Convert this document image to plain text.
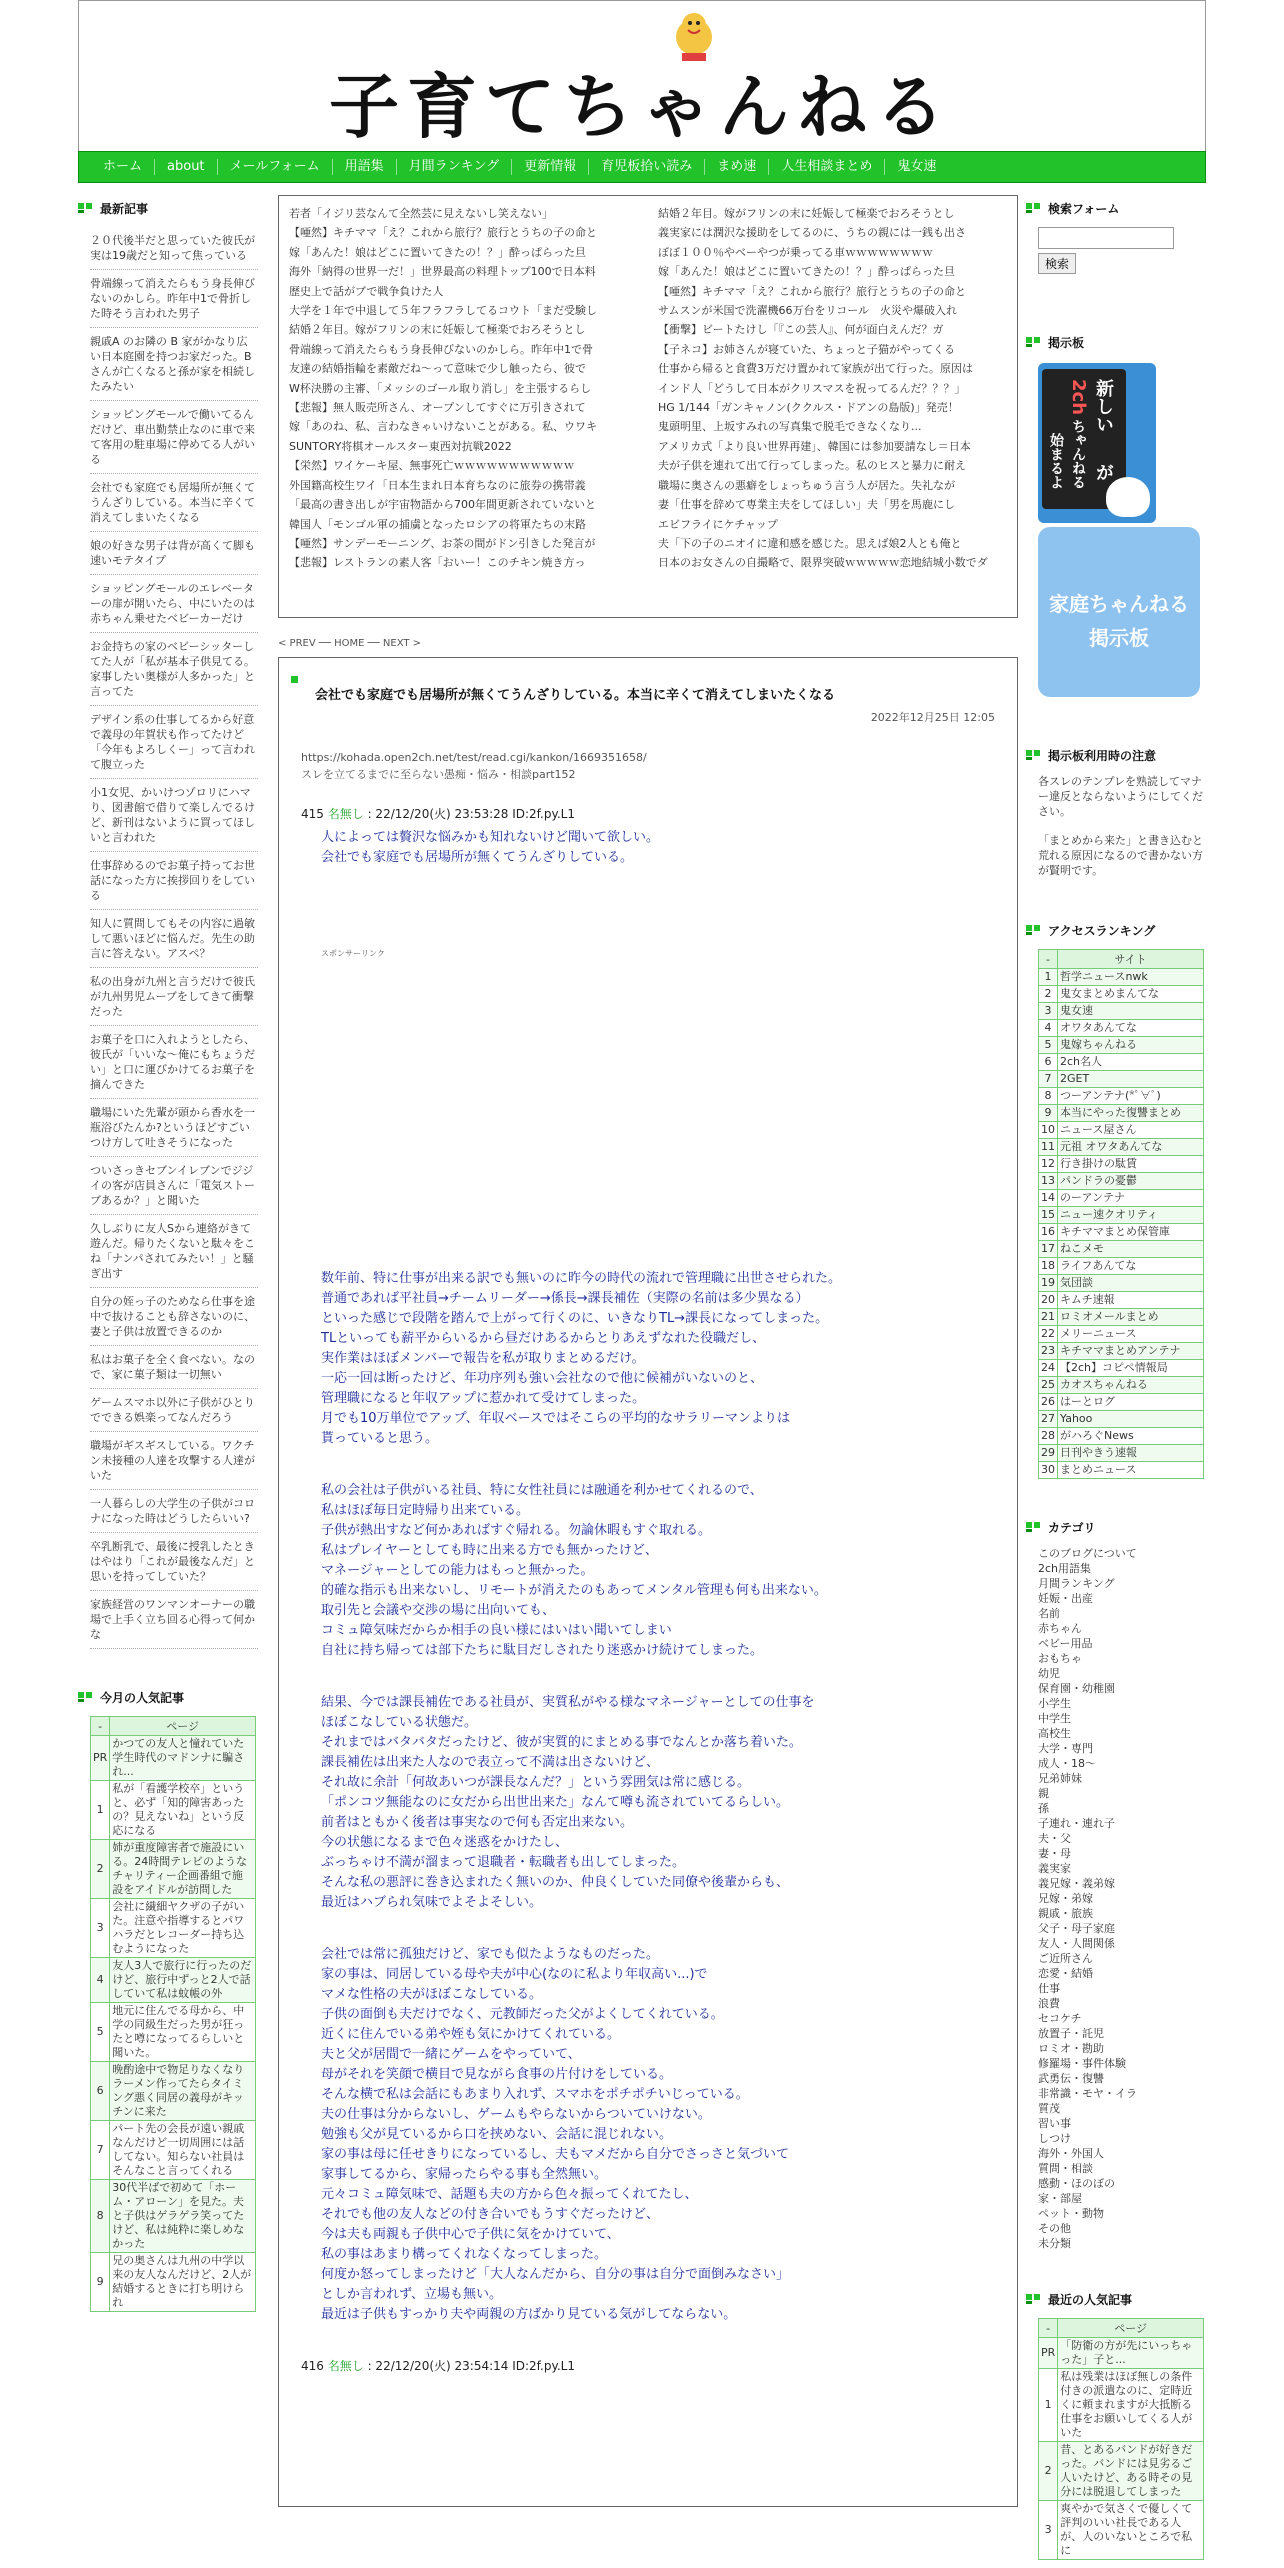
子育てちゃんねる
ホーム	about	メールフォーム	用語集	月間ランキング	更新情報	育児板拾い読み	まめ速	人生相談まとめ	鬼女速
最新記事
２０代後半だと思っていた彼氏が実は19歳だと知って焦っている
骨端線って消えたらもう身長伸びないのかしら。昨年中1で骨折した時そう言われた男子
親戚A のお隣の B 家がかなり広い日本庭園を持つお家だった。B さんが亡くなると孫が家を相続したみたい
ショッピングモールで働いてるんだけど、車出勤禁止なのに車で来て客用の駐車場に停めてる人がいる
会社でも家庭でも居場所が無くてうんざりしている。本当に辛くて消えてしまいたくなる
娘の好きな男子は背が高くて脚も速いモテタイプ
ショッピングモールのエレベーターの扉が開いたら、中にいたのは赤ちゃん乗せたベビーカーだけ
お金持ちの家のベビーシッターしてた人が「私が基本子供見てる。家事したい奥様が人多かった」と言ってた
デザイン系の仕事してるから好意で義母の年賀状も作ってたけど「今年もよろしくー」って言われて腹立った
小1女児、かいけつゾロリにハマり、図書館で借りて楽しんでるけど、新刊はないように買ってほしいと言われた
仕事辞めるのでお菓子持ってお世話になった方に挨拶回りをしている
知人に質問してもその内容に過敏して悪いほどに悩んだ。先生の助言に答えない。アスペ？
私の出身が九州と言うだけで彼氏が九州男児ムーブをしてきて衝撃だった
お菓子を口に入れようとしたら、彼氏が「いいな〜俺にもちょうだい」と口に運びかけてるお菓子を摘んできた
職場にいた先輩が頭から香水を一瓶浴びたんか?というほどすごいつけ方して吐きそうになった
ついさっきセブンイレブンでジジイの客が店員さんに「電気ストーブあるか？」と聞いた
久しぶりに友人Sから連絡がきて遊んだ。帰りたくないと駄々をこね「ナンパされてみたい！」と騒ぎ出す
自分の姪っ子のためなら仕事を途中で抜けることも辞さないのに、妻と子供は放置できるのか
私はお菓子を全く食べない。なので、家に菓子類は一切無い
ゲームスマホ以外に子供がひとりでできる娯楽ってなんだろう
職場がギスギスしている。ワクチン未接種の人達を攻撃する人達がいた
一人暮らしの大学生の子供がコロナになった時はどうしたらいい?
卒乳断乳で、最後に授乳したときはやはり「これが最後なんだ」と思いを持ってしていた？
家族経営のワンマンオーナーの職場で上手く立ち回る心得って何かな
今月の人気記事
-	ページ
PR	かつての友人と憧れていた学生時代のマドンナに騙され...
1	私が「看護学校卒」というと、必ず「知的障害あったの？見えないね」という反応になる
2	姉が重度障害者で施設にいる。24時間テレビのようなチャリティー企画番組で施設をアイドルが訪問した
3	会社に繊細ヤクザの子がいた。注意や指導するとパワハラだとレコーダー持ち込むようになった
4	友人3人で旅行に行ったのだけど、旅行中ずっと2人で話していて私は蚊帳の外
5	地元に住んでる母から、中学の同級生だった男が狂ったと噂になってるらしいと聞いた。
6	晩酌途中で物足りなくなりラーメン作ってたらタイミング悪く同居の義母がキッチンに来た
7	パート先の会長が遠い親戚なんだけど一切周囲には話してない。知らない社員はそんなこと言ってくれる
8	30代半ばで初めて「ホーム・アローン」を見た。夫と子供はゲラゲラ笑ってたけど、私は純粋に楽しめなかった
9	兄の奥さんは九州の中学以来の友人なんだけど、2人が結婚するときに打ち明けられ
若者「イジリ芸なんて全然芸に見えないし笑えない」
【唖然】キチママ「え？これから旅行？旅行とうちの子の命と
嫁「あんた！娘はどこに置いてきたの！？」酔っぱらった旦
海外「納得の世界一だ！」世界最高の料理トップ100で日本料
歴史上で話がブで戦争負けた人
大学を１年で中退して５年フラフラしてるコウト「まだ受験し
結婚２年目。嫁がフリンの末に妊娠して極楽でおろそうとし
骨端線って消えたらもう身長伸びないのかしら。昨年中1で骨
友達の結婚指輪を素敵だね〜って意味で少し触ったら、彼で
W杯決勝の主審、「メッシのゴール取り消し」を主張するらし
【悲報】無人販売所さん、オープンしてすぐに万引きされて
嫁「あのね、私、言わなきゃいけないことがある。私、ウワキ
SUNTORY将棋オールスター東西対抗戦2022
【栄然】ワイケーキ屋、無事死亡ｗｗｗｗｗｗｗｗｗｗｗ
外国籍高校生ワイ「日本生まれ日本育ちなのに旅券の携帯義
「最高の書き出しが宇宙物語から700年間更新されていないと
韓国人「モンゴル軍の捕虜となったロシアの将軍たちの末路
【唖然】サンデーモーニング、お茶の間がドン引きした発言が
【悲報】レストランの素人客「おいー！このチキン焼き方っ
結婚２年目。嫁がフリンの末に妊娠して極楽でおろそうとし
義実家には潤沢な援助をしてるのに、うちの親には一銭も出さ
ぼぼ１００％やベーやつが乗ってる車ｗｗｗｗｗｗｗｗ
嫁「あんた！娘はどこに置いてきたの！？」酔っぱらった旦
【唖然】キチママ「え？これから旅行？旅行とうちの子の命と
サムスンが米国で洗濯機66万台をリコール　火災や爆破入れ
【衝撃】ビートたけし「『この芸人』、何が面白えんだ？ガ
【子ネコ】お姉さんが寝ていた、ちょっと子猫がやってくる
仕事から帰ると食費3万だけ置かれて家族が出て行った。原因は
インド人「どうして日本がクリスマスを祝ってるんだ？？？」
HG 1/144「ガンキャノン(ククルス・ドアンの島版)」発売！
鬼頭明里、上坂すみれの写真集で脱毛できなくなり...
アメリカ式「より良い世界再建」、韓国には参加要請なし＝日本
夫が子供を連れて出て行ってしまった。私のヒスと暴力に耐え
職場に奥さんの悪癖をしょっちゅう言う人が居た。失礼なが
妻「仕事を辞めて専業主夫をしてほしい」夫「男を馬鹿にし
エビフライにケチャップ
夫「下の子のニオイに違和感を感じた。思えば娘2人とも俺と
日本のお女さんの自撮略で、限界突破ｗｗｗｗｗ恋地結城小数でダ
< PREV ── HOME ── NEXT >
会社でも家庭でも居場所が無くてうんざりしている。本当に辛くて消えてしまいたくなる
2022年12月25日 12:05
https://kohada.open2ch.net/test/read.cgi/kankon/1669351658/
スレを立てるまでに至らない愚痴・悩み・相談part152
415 名無し : 22/12/20(火) 23:53:28 ID:2f.py.L1

人によっては贅沢な悩みかも知れないけど聞いて欲しい。
会社でも家庭でも居場所が無くてうんざりしている。

スポンサーリンク

数年前、特に仕事が出来る訳でも無いのに昨今の時代の流れで管理職に出世させられた。
普通であれば平社員→チームリーダー→係長→課長補佐（実際の名前は多少異なる）
といった感じで段階を踏んで上がって行くのに、いきなりTL→課長になってしまった。
TLといっても薪平からいるから昼だけあるからとりあえずなれた役職だし、
実作業はほぼメンバーで報告を私が取りまとめるだけ。
一応一回は断ったけど、年功序列も強い会社なので他に候補がいないのと、
管理職になると年収アップに惹かれて受けてしまった。
月でも10万単位でアップ、年収ベースではそこらの平均的なサラリーマンよりは
貰っていると思う。

私の会社は子供がいる社員、特に女性社員には融通を利かせてくれるので、
私はほぼ毎日定時帰り出来ている。
子供が熱出すなど何かあればすぐ帰れる。勿論休暇もすぐ取れる。
私はプレイヤーとしても時に出来る方でも無かったけど、
マネージャーとしての能力はもっと無かった。
的確な指示も出来ないし、リモートが消えたのもあってメンタル管理も何も出来ない。
取引先と会議や交渉の場に出向いても、
コミュ障気味だからか相手の良い様にはいはい聞いてしまい
自社に持ち帰っては部下たちに駄目だしされたり迷惑かけ続けてしまった。

結果、今では課長補佐である社員が、実質私がやる様なマネージャーとしての仕事を
ほぼこなしている状態だ。
それまではバタバタだったけど、彼が実質的にまとめる事でなんとか落ち着いた。
課長補佐は出来た人なので表立って不満は出さないけど、
それ故に余計「何故あいつが課長なんだ？」という雰囲気は常に感じる。
「ポンコツ無能なのに女だから出世出来た」なんて噂も流されていてるらしい。
前者はともかく後者は事実なので何も否定出来ない。
今の状態になるまで色々迷惑をかけたし、
ぶっちゃけ不満が溜まって退職者・転職者も出してしまった。
そんな私の悪評に巻き込まれたく無いのか、仲良くしていた同僚や後輩からも、
最近はハブられ気味でよそよそしい。

会社では常に孤独だけど、家でも似たようなものだった。
家の事は、同居している母や夫が中心(なのに私より年収高い...)で
マメな性格の夫がほぼこなしている。
子供の面倒も夫だけでなく、元教師だった父がよくしてくれている。
近くに住んでいる弟や姪も気にかけてくれている。
夫と父が居間で一緒にゲームをやっていて、
母がそれを笑顔で横目で見ながら食事の片付けをしている。
そんな横で私は会話にもあまり入れず、スマホをポチポチいじっている。
夫の仕事は分からないし、ゲームもやらないからついていけない。
勉強も父が見ているから口を挟めない、会話に混じれない。
家の事は母に任せきりになっているし、夫もマメだから自分でさっさと気づいて
家事してるから、家帰ったらやる事も全然無い。
元々コミュ障気味で、話題も夫の方から色々振ってくれてたし、
それでも他の友人などの付き合いでもうすぐだったけど、
今は夫も両親も子供中心で子供に気をかけていて、
私の事はあまり構ってくれなくなってしまった。
何度か怒ってしまったけど「大人なんだから、自分の事は自分で面倒みなさい」
としか言われず、立場も無い。
最近は子供もすっかり夫や両親の方ばかり見ている気がしてならない。

416 名無し : 22/12/20(火) 23:54:14 ID:2f.py.L1
検索フォーム
検索
掲示板
新しい
2ch
ちゃんねる が
始まるよ
家庭ちゃんねる
掲示板
掲示板利用時の注意

各スレのテンプレを熟読してマナー違反とならないようにしてください。

「まとめから来た」と書き込むと荒れる原因になるので書かない方が賢明です。

アクセスランキング
-	サイト
1	哲学ニュースnwk
2	鬼女まとめまんてな
3	鬼女速
4	オワタあんてな
5	鬼嫁ちゃんねる
6	2ch名人
7	2GET
8	つーアンテナ(*ﾟ∀ﾟ)
9	本当にやった復讐まとめ
10	ニュース屋さん
11	元祖 オワタあんてな
12	行き掛けの駄賃
13	パンドラの憂鬱
14	のーアンテナ
15	ニュー速クオリティ
16	キチママまとめ保管庫
17	ねこメモ
18	ライフあんてな
19	気団談
20	キムチ速報
21	ロミオメールまとめ
22	メリーニュース
23	キチママまとめアンテナ
24	【2ch】コピペ情報局
25	カオスちゃんねる
26	はーとログ
27	Yahoo
28	がハろぐNews
29	日刊やきう速報
30	まとめニュース
カテゴリ
このブログについて
2ch用語集
月間ランキング
妊娠・出産
名前
赤ちゃん
ベビー用品
おもちゃ
幼児
保育園・幼稚園
小学生
中学生
高校生
大学・専門
成人・18～
兄弟姉妹
親
孫
子連れ・連れ子
夫・父
妻・母
義実家
義兄嫁・義弟嫁
兄嫁・弟嫁
親戚・旅族
父子・母子家庭
友人・人間関係
ご近所さん
恋愛・結婚
仕事
浪費
セコケチ
放置子・託児
ロミオ・勘助
修羅場・事件体験
武勇伝・復讐
非常識・モヤ・イラ
質茂
習い事
しつけ
海外・外国人
質問・相談
感動・ほのぼの
家・部屋
ペット・動物
その他
未分類
最近の人気記事
-	ページ
PR	「防衛の方が先にいっちゃった」子と...
1	私は残業はほぼ無しの条件付きの派遣なのに、定時近くに頼まれますが大抵断る仕事をお願いしてくる人がいた
2	昔、とあるバンドが好きだった。バンドには見劣るご人いたけど、ある時その見分には脱退してしまった
3	爽やかで気さくで優しくて評判のいい社長である人が、人のいないところで私に
